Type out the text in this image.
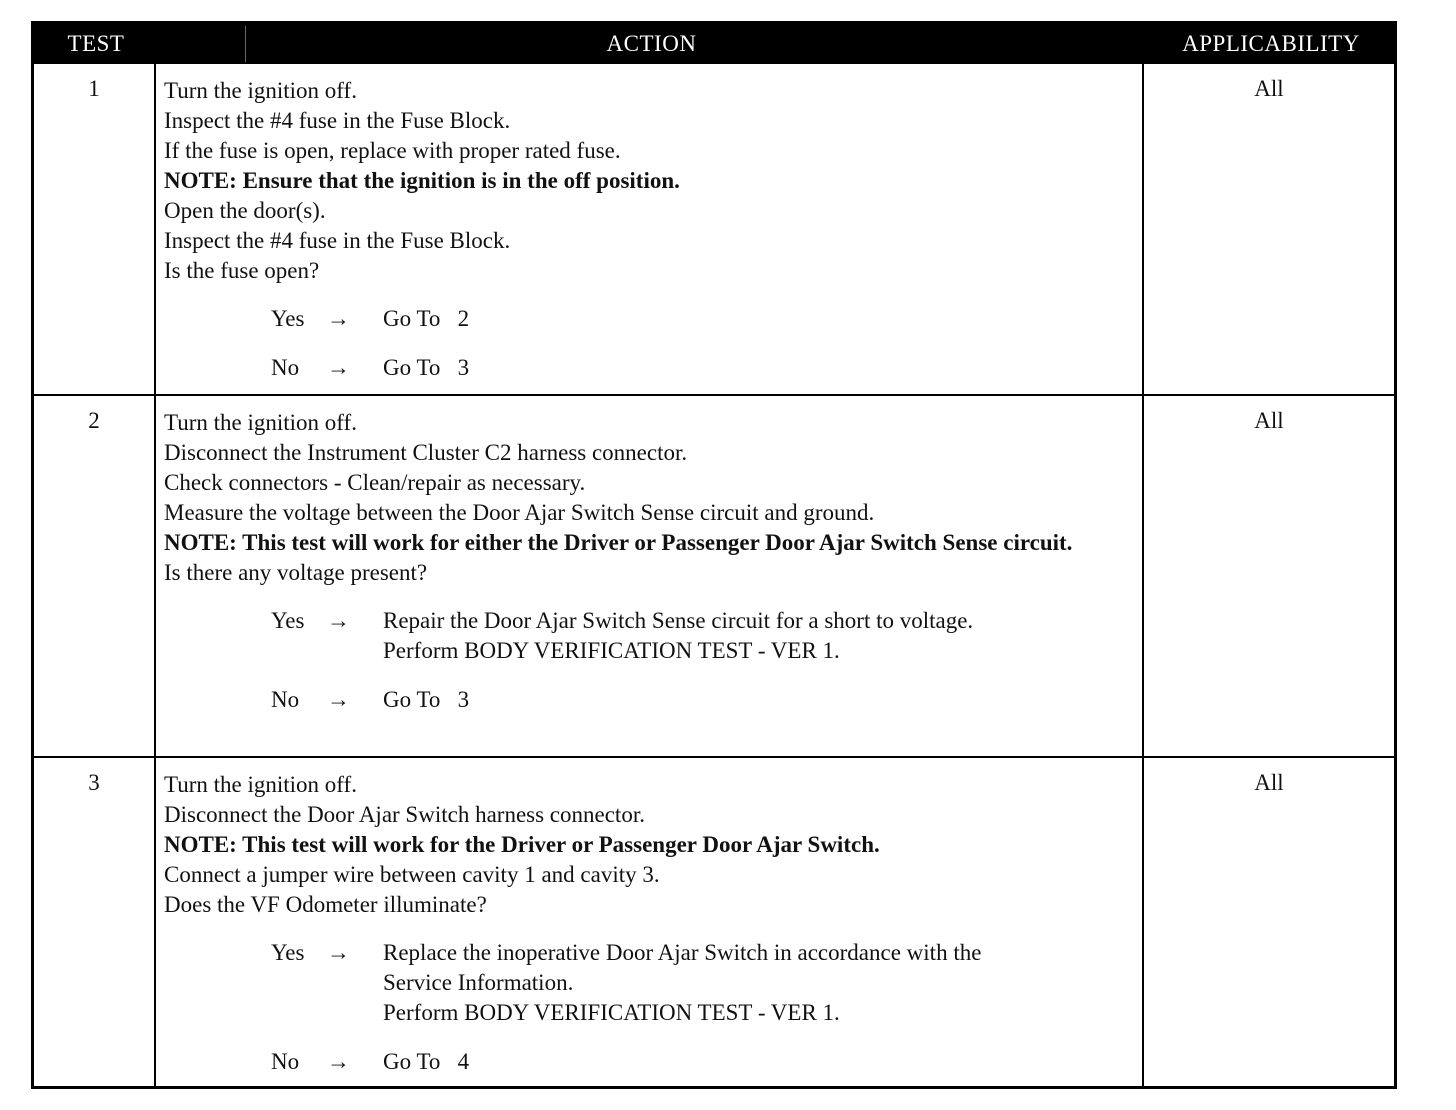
TEST	ACTION	APPLICABILITY
1	Turn the ignition off.
Inspect the #4 fuse in the Fuse Block.
If the fuse is open, replace with proper rated fuse.
NOTE: Ensure that the ignition is in the off position.
Open the door(s).
Inspect the #4 fuse in the Fuse Block.
Is the fuse open?
Yes →	Go To   2
No	→	Go To   3
All
2	Turn the ignition off.
Disconnect the Instrument Cluster C2 harness connector.
Check connectors - Clean/repair as necessary.
Measure the voltage between the Door Ajar Switch Sense circuit and ground.
NOTE: This test will work for either the Driver or Passenger Door Ajar Switch Sense circuit.
Is there any voltage present?
Yes →	Repair the Door Ajar Switch Sense circuit for a short to voltage.
Perform BODY VERIFICATION TEST - VER 1.
No	→	Go To   3
All
3	Turn the ignition off.
Disconnect the Door Ajar Switch harness connector.
NOTE: This test will work for the Driver or Passenger Door Ajar Switch.
Connect a jumper wire between cavity 1 and cavity 3.
Does the VF Odometer illuminate?
Yes →	Replace the inoperative Door Ajar Switch in accordance with the
Service Information.
Perform BODY VERIFICATION TEST - VER 1.
No	→	Go To   4
All
